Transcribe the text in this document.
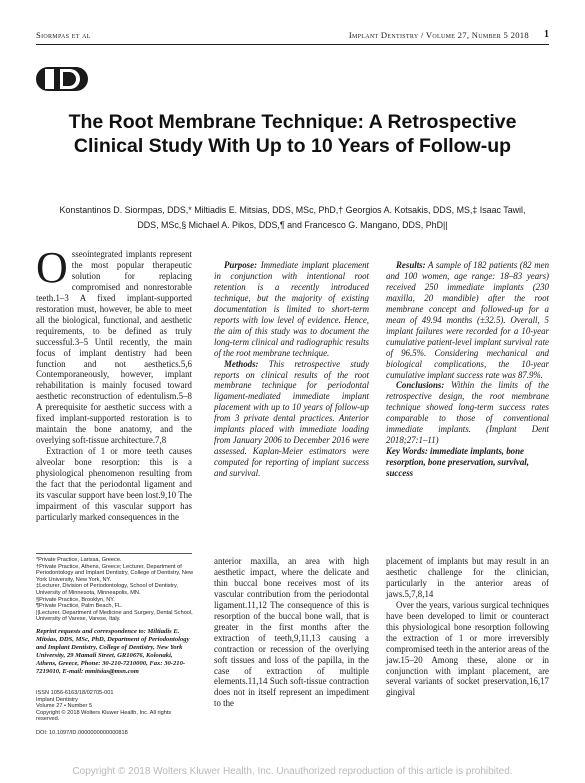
Siormpas et al	Implant Dentistry / Volume 27, Number 5 2018 1
The Root Membrane Technique: A Retrospective Clinical Study With Up to 10 Years of Follow-up
Konstantinos D. Siormpas, DDS,* Miltiadis E. Mitsias, DDS, MSc, PhD,† Georgios A. Kotsakis, DDS, MS,‡ Isaac Tawil, DDS, MSc,§ Michael A. Pikos, DDS,¶ and Francesco G. Mangano, DDS, PhD||
O sseointegrated implants represent the most popular therapeutic solution for replacing compromised and nonrestorable teeth.1–3 A fixed implant-supported restoration must, however, be able to meet all the biological, functional, and aesthetic requirements, to be defined as truly successful.3–5 Until recently, the main focus of implant dentistry had been function and not aesthetics.5,6 Contemporaneously, however, implant rehabilitation is mainly focused toward aesthetic reconstruction of edentulism.5–8 A prerequisite for aesthetic success with a fixed implant-supported restoration is to maintain the bone anatomy, and the overlying soft-tissue architecture.7,8

Extraction of 1 or more teeth causes alveolar bone resorption: this is a physiological phenomenon resulting from the fact that the periodontal ligament and its vascular support have been lost.9,10 The impairment of this vascular support has particularly marked consequences in the

Purpose: Immediate implant placement in conjunction with intentional root retention is a recently introduced technique, but the majority of existing documentation is limited to short-term reports with low level of evidence. Hence, the aim of this study was to document the long-term clinical and radiographic results of the root membrane technique.

Methods: This retrospective study reports on clinical results of the root membrane technique for periodontal ligament-mediated immediate implant placement with up to 10 years of follow-up from 3 private dental practices. Anterior implants placed with immediate loading from January 2006 to December 2016 were assessed. Kaplan-Meier estimators were computed for reporting of implant success and survival.

Results: A sample of 182 patients (82 men and 100 women, age range: 18–83 years) received 250 immediate implants (230 maxilla, 20 mandible) after the root membrane concept and followed-up for a mean of 49.94 months (±32.5). Overall, 5 implant failures were recorded for a 10-year cumulative patient-level implant survival rate of 96.5%. Considering mechanical and biological complications, the 10-year cumulative implant success rate was 87.9%.

Conclusions: Within the limits of the retrospective design, the root membrane technique showed long-term success rates comparable to those of conventional immediate implants. (Implant Dent 2018;27:1–11)

Key Words: immediate implants, bone resorption, bone preservation, survival, success

*Private Practice, Larissa, Greece.
†Private Practice, Athens, Greece; Lecturer, Department of Periodontology and Implant Dentistry, College of Dentistry, New York University, New York, NY.
‡Lecturer, Division of Periodontology, School of Dentistry, University of Minnesota, Minneapolis, MN.
§Private Practice, Brooklyn, NY.
¶Private Practice, Palm Beach, FL.
||Lecturer, Department of Medicine and Surgery, Dental School, University of Varese, Varese, Italy.
Reprint requests and correspondence to: Miltiadis E. Mitsias, DDS, MSc, PhD, Department of Periodontology and Implant Dentistry, College of Dentistry, New York University, 29 Mamali Street, GR10676, Kolonaki, Athens, Greece, Phone: 30-210-7210000, Fax: 30-210-7219010, E-mail: mmitsias@msn.com
ISSN 1056-6163/18/02705-001
Implant Dentistry
Volume 27 • Number 5
Copyright © 2018 Wolters Kluwer Health, Inc. All rights reserved.
DOI: 10.1097/ID.0000000000000818

anterior maxilla, an area with high aesthetic impact, where the delicate and thin buccal bone receives most of its vascular contribution from the periodontal ligament.11,12 The consequence of this is resorption of the buccal bone wall, that is greater in the first months after the extraction of teeth,9,11,13 causing a contraction or recession of the overlying soft tissues and loss of the papilla, in the case of extraction of multiple elements.11,14 Such soft-tissue contraction does not in itself represent an impediment to the

placement of implants but may result in an aesthetic challenge for the clinician, particularly in the anterior areas of jaws.5,7,8,14

Over the years, various surgical techniques have been developed to limit or counteract this physiological bone resorption following the extraction of 1 or more irreversibly compromised teeth in the anterior areas of the jaw.15–20 Among these, alone or in conjunction with implant placement, are several variants of socket preservation,16,17 gingival

Copyright © 2018 Wolters Kluwer Health, Inc. Unauthorized reproduction of this article is prohibited.
